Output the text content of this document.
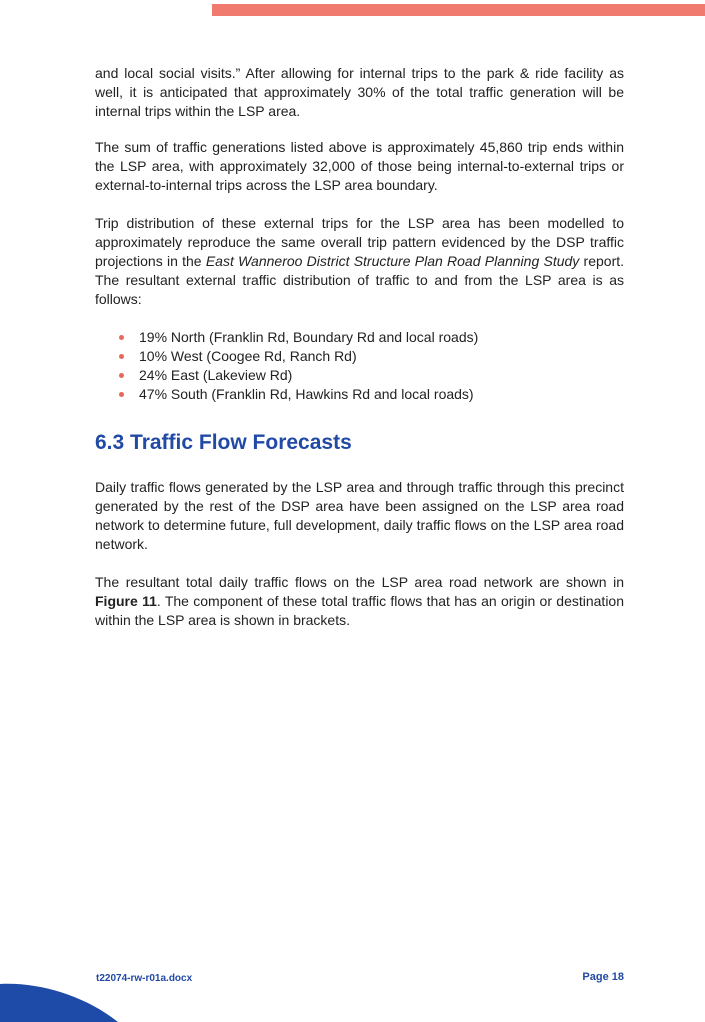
and local social visits.” After allowing for internal trips to the park & ride facility as well, it is anticipated that approximately 30% of the total traffic generation will be internal trips within the LSP area.

The sum of traffic generations listed above is approximately 45,860 trip ends within the LSP area, with approximately 32,000 of those being internal-to-external trips or external-to-internal trips across the LSP area boundary.

Trip distribution of these external trips for the LSP area has been modelled to approximately reproduce the same overall trip pattern evidenced by the DSP traffic projections in the East Wanneroo District Structure Plan Road Planning Study report. The resultant external traffic distribution of traffic to and from the LSP area is as follows:

19% North (Franklin Rd, Boundary Rd and local roads)
10% West (Coogee Rd, Ranch Rd)
24% East (Lakeview Rd)
47% South (Franklin Rd, Hawkins Rd and local roads)
6.3 Traffic Flow Forecasts

Daily traffic flows generated by the LSP area and through traffic through this precinct generated by the rest of the DSP area have been assigned on the LSP area road network to determine future, full development, daily traffic flows on the LSP area road network.

The resultant total daily traffic flows on the LSP area road network are shown in Figure 11. The component of these total traffic flows that has an origin or destination within the LSP area is shown in brackets.

t22074-rw-r01a.docx	Page 18
